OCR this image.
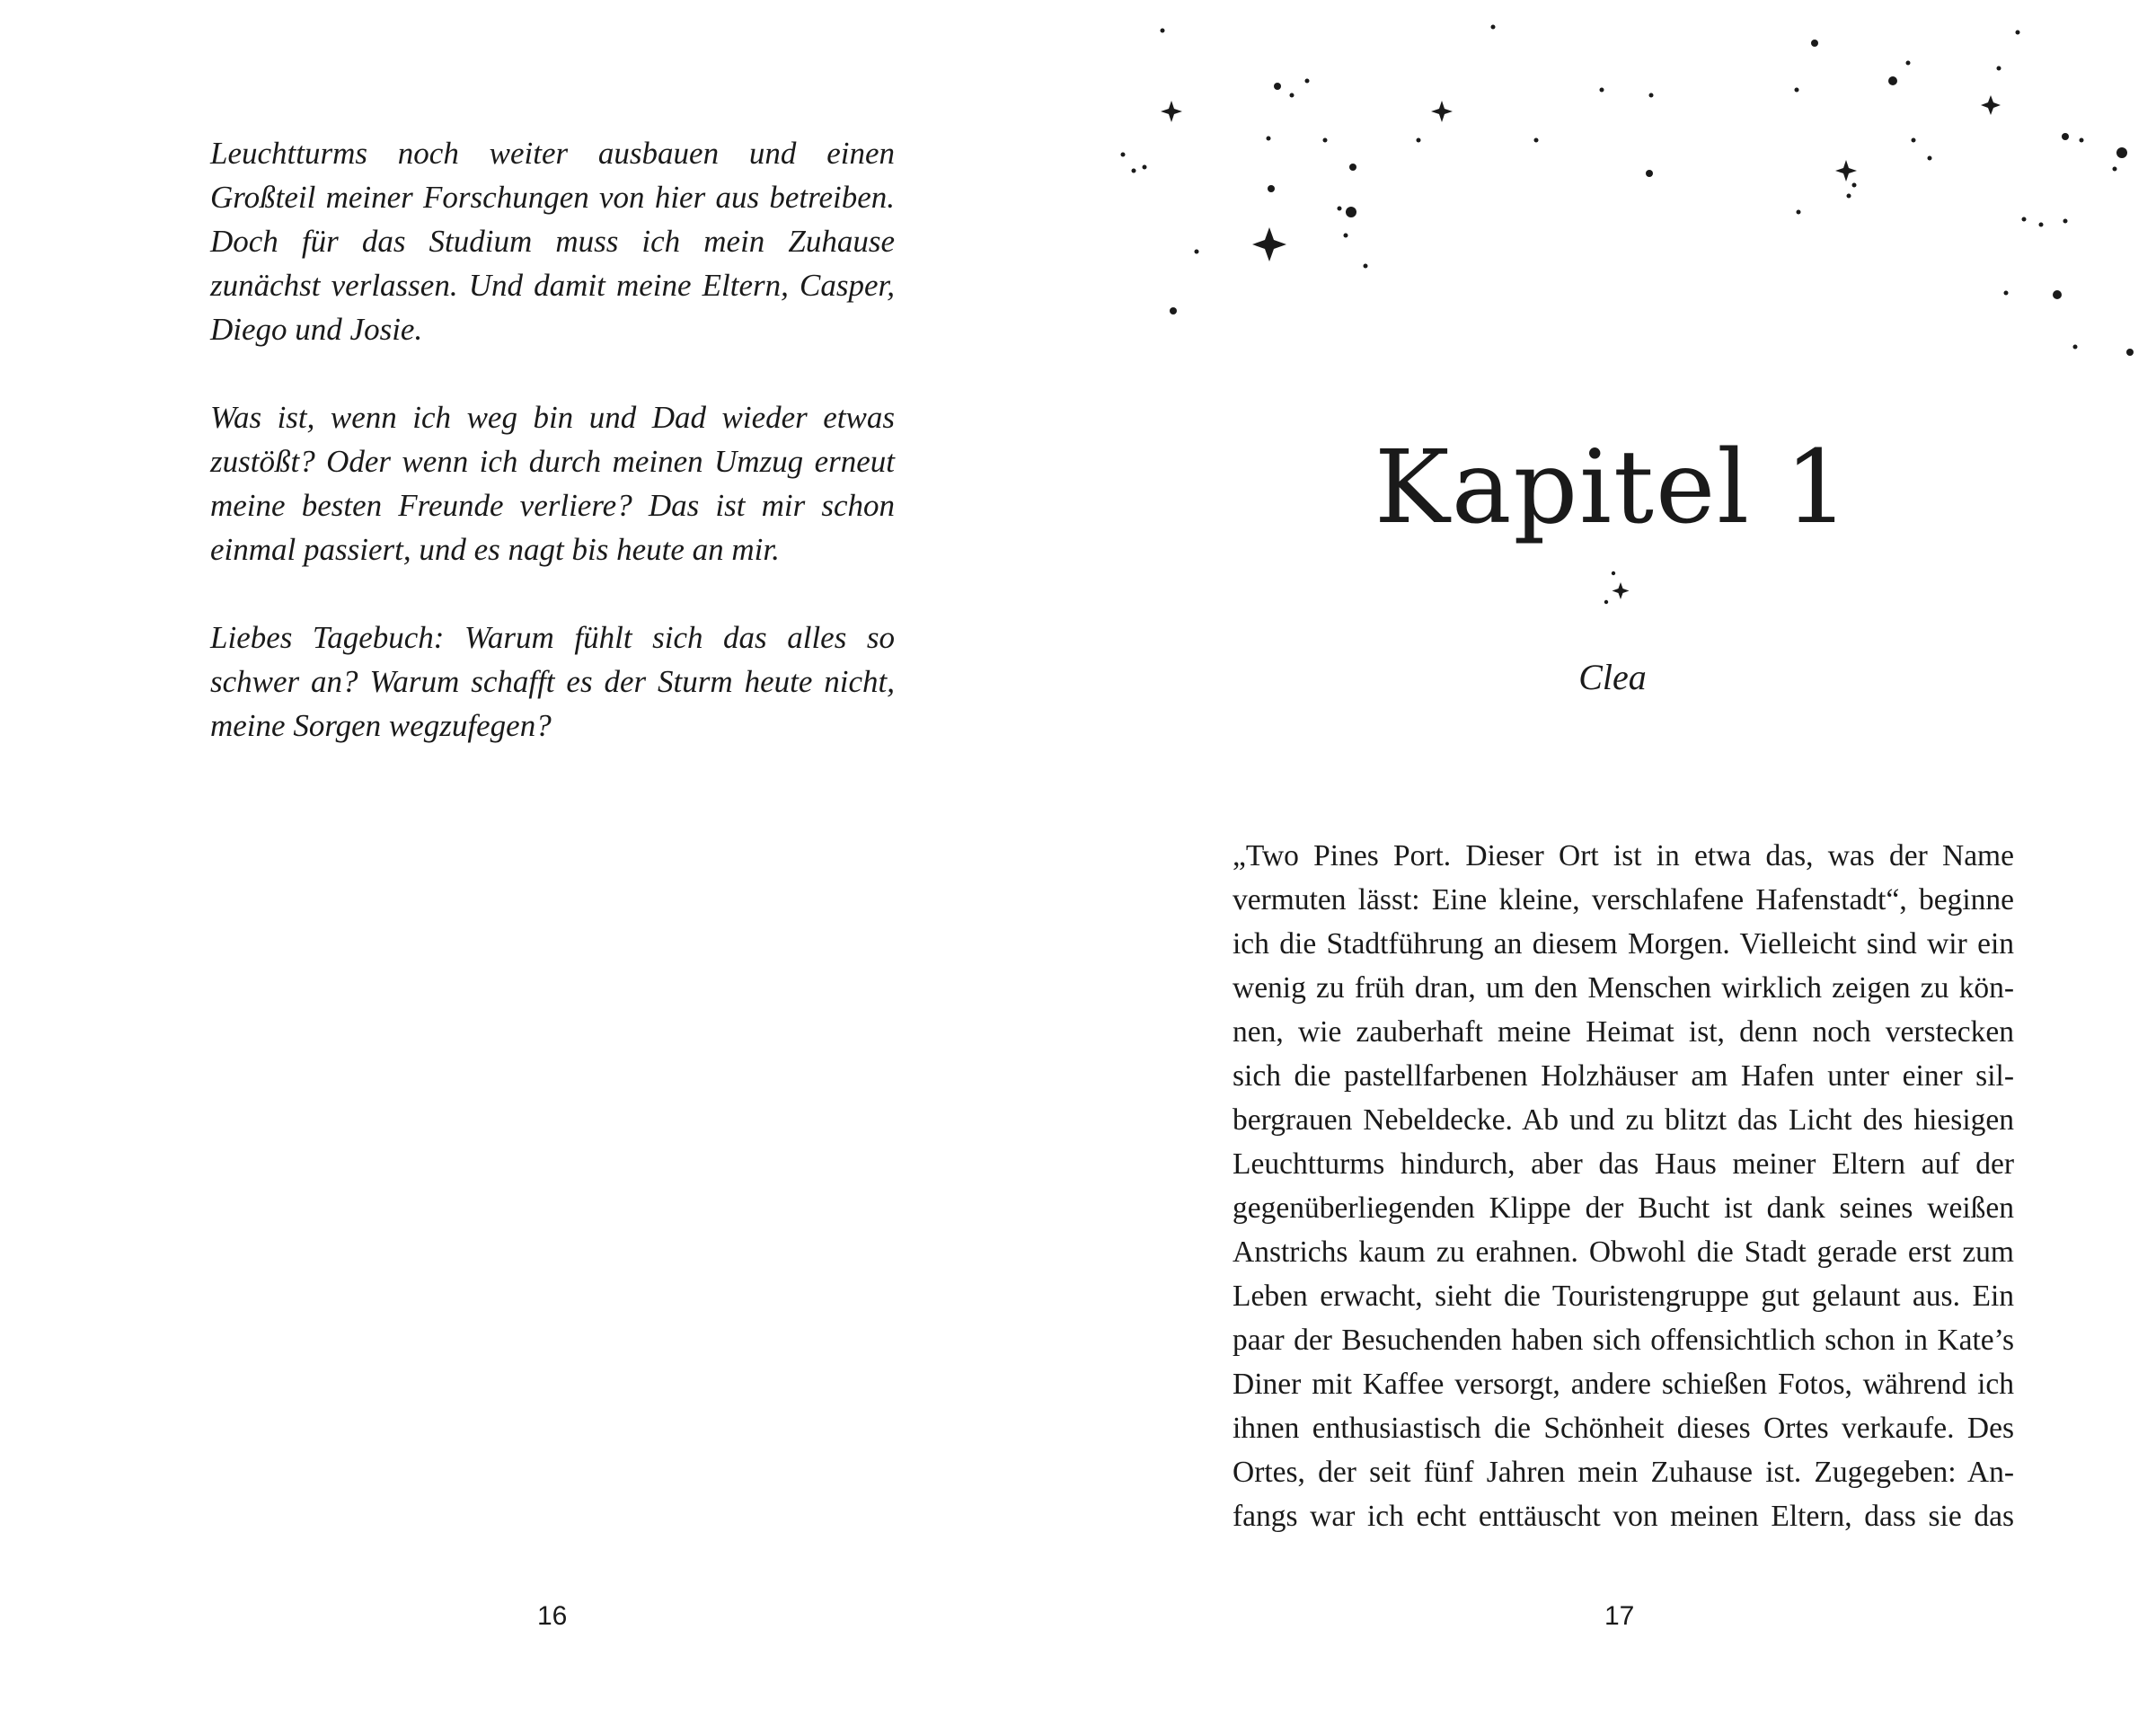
Leuchtturms noch weiter ausbauen und einen Großteil meiner Forschungen von hier aus betreiben. Doch für das Studium muss ich mein Zuhause zunächst verlassen. Und damit meine Eltern, Casper, Diego und Josie.

Was ist, wenn ich weg bin und Dad wieder etwas zustößt? Oder wenn ich durch meinen Umzug erneut meine besten Freunde verliere? Das ist mir schon einmal passiert, und es nagt bis heute an mir.

Liebes Tagebuch: Warum fühlt sich das alles so schwer an? Warum schafft es der Sturm heute nicht, meine Sorgen wegzufegen?

16
Kapitel 1
Clea
„Two Pines Port. Dieser Ort ist in etwa das, was der Name
vermuten lässt: Eine kleine, verschlafene Hafenstadt“, beginne
ich die Stadtführung an diesem Morgen. Vielleicht sind wir ein
wenig zu früh dran, um den Menschen wirklich zeigen zu kön-
nen, wie zauberhaft meine Heimat ist, denn noch verstecken
sich die pastellfarbenen Holzhäuser am Hafen unter einer sil-
bergrauen Nebeldecke. Ab und zu blitzt das Licht des hiesigen
Leuchtturms hindurch, aber das Haus meiner Eltern auf der
gegenüberliegenden Klippe der Bucht ist dank seines weißen
Anstrichs kaum zu erahnen. Obwohl die Stadt gerade erst zum
Leben erwacht, sieht die Touristengruppe gut gelaunt aus. Ein
paar der Besuchenden haben sich offensichtlich schon in Kate’s
Diner mit Kaffee versorgt, andere schießen Fotos, während ich
ihnen enthusiastisch die Schönheit dieses Ortes verkaufe. Des
Ortes, der seit fünf Jahren mein Zuhause ist. Zugegeben: An-
fangs war ich echt enttäuscht von meinen Eltern, dass sie das
17
